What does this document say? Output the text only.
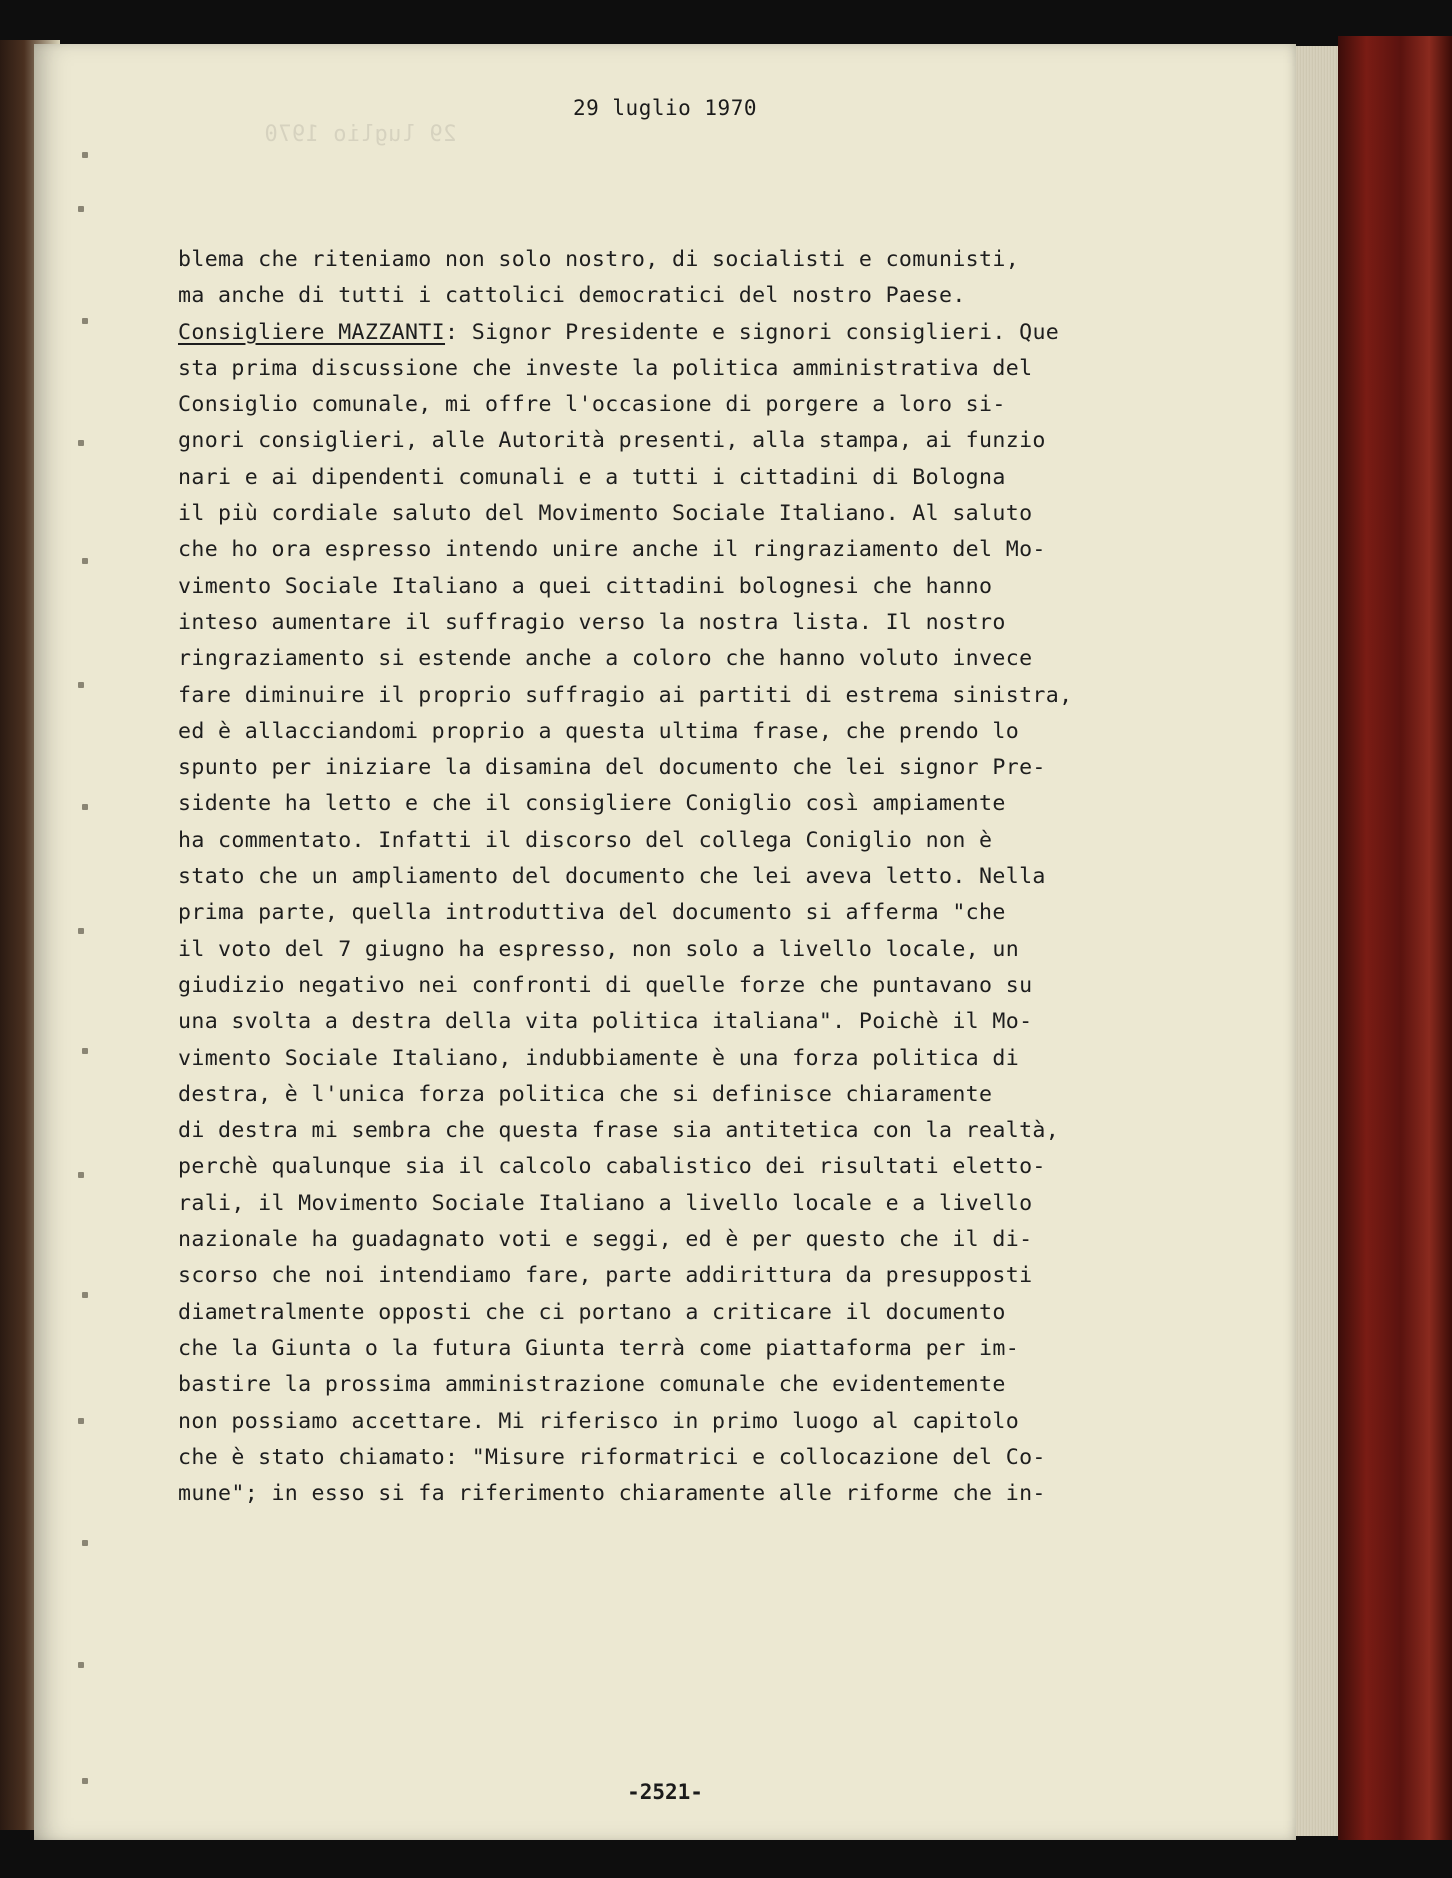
29 luglio 1970
29 luglio 1970
blema che riteniamo non solo nostro, di socialisti e comunisti,
ma anche di tutti i cattolici democratici del nostro Paese.
Consigliere MAZZANTI: Signor Presidente e signori consiglieri. Que
sta prima discussione che investe la politica amministrativa del
Consiglio comunale, mi offre l'occasione di porgere a loro si-
gnori consiglieri, alle Autorità presenti, alla stampa, ai funzio
nari e ai dipendenti comunali e a tutti i cittadini di Bologna
il più cordiale saluto del Movimento Sociale Italiano. Al saluto
che ho ora espresso intendo unire anche il ringraziamento del Mo-
vimento Sociale Italiano a quei cittadini bolognesi che hanno
inteso aumentare il suffragio verso la nostra lista. Il nostro
ringraziamento si estende anche a coloro che hanno voluto invece
fare diminuire il proprio suffragio ai partiti di estrema sinistra,
ed è allacciandomi proprio a questa ultima frase, che prendo lo
spunto per iniziare la disamina del documento che lei signor Pre-
sidente ha letto e che il consigliere Coniglio così ampiamente
ha commentato. Infatti il discorso del collega Coniglio non è
stato che un ampliamento del documento che lei aveva letto. Nella
prima parte, quella introduttiva del documento si afferma "che
il voto del 7 giugno ha espresso, non solo a livello locale, un
giudizio negativo nei confronti di quelle forze che puntavano su
una svolta a destra della vita politica italiana". Poichè il Mo-
vimento Sociale Italiano, indubbiamente è una forza politica di
destra, è l'unica forza politica che si definisce chiaramente
di destra mi sembra che questa frase sia antitetica con la realtà,
perchè qualunque sia il calcolo cabalistico dei risultati eletto-
rali, il Movimento Sociale Italiano a livello locale e a livello
nazionale ha guadagnato voti e seggi, ed è per questo che il di-
scorso che noi intendiamo fare, parte addirittura da presupposti
diametralmente opposti che ci portano a criticare il documento
che la Giunta o la futura Giunta terrà come piattaforma per im-
bastire la prossima amministrazione comunale che evidentemente
non possiamo accettare. Mi riferisco in primo luogo al capitolo
che è stato chiamato: "Misure riformatrici e collocazione del Co-
mune"; in esso si fa riferimento chiaramente alle riforme che in-
-2521-
